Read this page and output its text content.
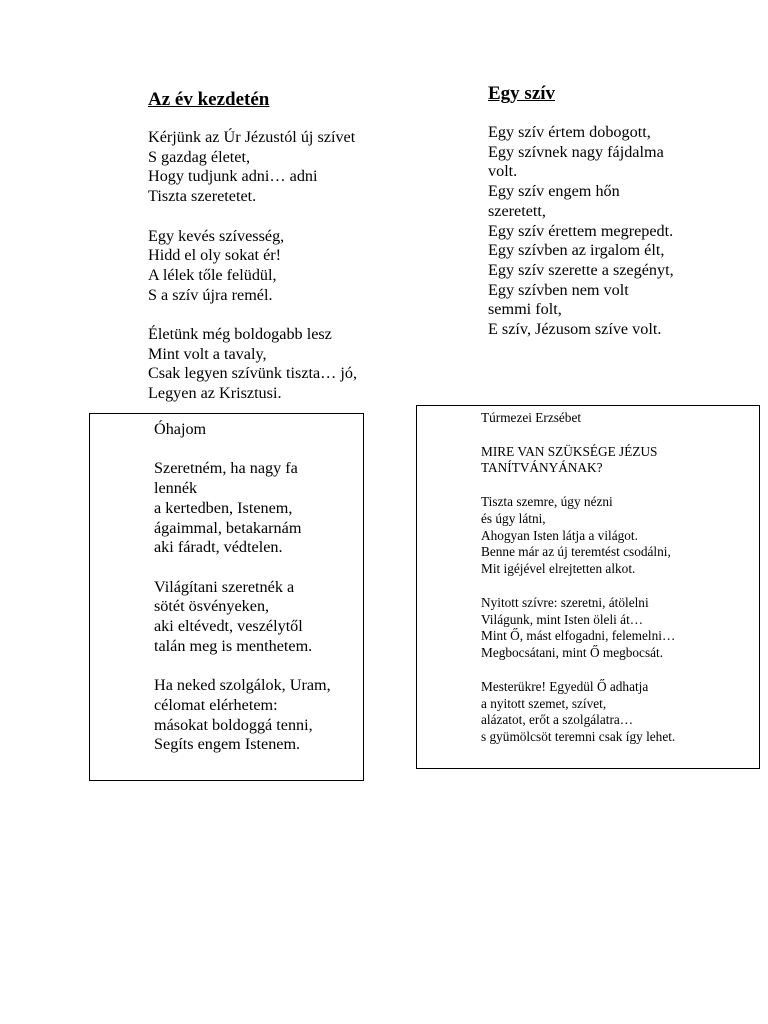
Az év kezdetén
Kérjünk az Úr Jézustól új szívet
S gazdag életet,
Hogy tudjunk adni… adni
Tiszta szeretetet.
Egy kevés szívesség,
Hidd el oly sokat ér!
A lélek tőle felüdül,
S a szív újra remél.
Életünk még boldogabb lesz
Mint volt a tavaly,
Csak legyen szívünk tiszta… jó,
Legyen az Krisztusi.
Egy szív
Egy szív értem dobogott,
Egy szívnek nagy fájdalma
volt.
Egy szív engem hőn
szeretett,
Egy szív érettem megrepedt.
Egy szívben az irgalom élt,
Egy szív szerette a szegényt,
Egy szívben nem volt
semmi folt,
E szív, Jézusom szíve volt.
Óhajom
Szeretném, ha nagy fa
lennék
a kertedben, Istenem,
ágaimmal, betakarnám
aki fáradt, védtelen.
Világítani szeretnék a
sötét ösvényeken,
aki eltévedt, veszélytől
talán meg is menthetem.
Ha neked szolgálok, Uram,
célomat elérhetem:
másokat boldoggá tenni,
Segíts engem Istenem.
Túrmezei Erzsébet
MIRE VAN SZÜKSÉGE JÉZUS
TANÍTVÁNYÁNAK?
Tiszta szemre, úgy nézni
és úgy látni,
Ahogyan Isten látja a világot.
Benne már az új teremtést csodálni,
Mit igéjével elrejtetten alkot.
Nyitott szívre: szeretni, átölelni
Világunk, mint Isten öleli át…
Mint Ő, mást elfogadni, felemelni…
Megbocsátani, mint Ő megbocsát.
Mesterükre! Egyedül Ő adhatja
a nyitott szemet, szívet,
alázatot, erőt a szolgálatra…
s gyümölcsöt teremni csak így lehet.
